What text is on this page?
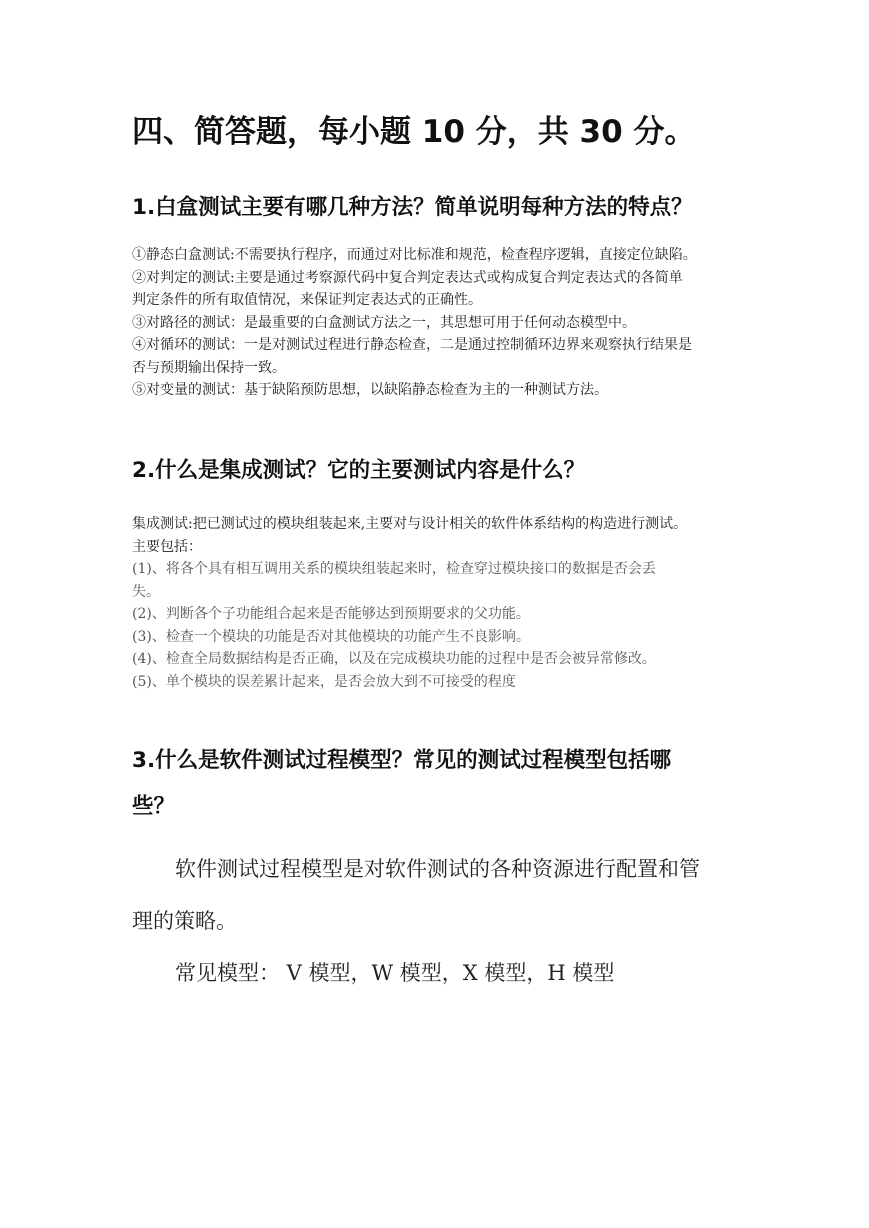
四、简答题，每小题 10 分，共 30 分。
1.白盒测试主要有哪几种方法？简单说明每种方法的特点？
①静态白盒测试:不需要执行程序，而通过对比标准和规范，检查程序逻辑，直接定位缺陷。
②对判定的测试:主要是通过考察源代码中复合判定表达式或构成复合判定表达式的各简单
判定条件的所有取值情况，来保证判定表达式的正确性。
③对路径的测试：是最重要的白盒测试方法之一，其思想可用于任何动态模型中。
④对循环的测试：一是对测试过程进行静态检查，二是通过控制循环边界来观察执行结果是
否与预期输出保持一致。
⑤对变量的测试：基于缺陷预防思想，以缺陷静态检查为主的一种测试方法。
2.什么是集成测试？它的主要测试内容是什么？
集成测试:把已测试过的模块组装起来,主要对与设计相关的软件体系结构的构造进行测试。
主要包括：
(1)、将各个具有相互调用关系的模块组装起来时，检查穿过模块接口的数据是否会丢
失。
(2)、判断各个子功能组合起来是否能够达到预期要求的父功能。
(3)、检查一个模块的功能是否对其他模块的功能产生不良影响。
(4)、检查全局数据结构是否正确，以及在完成模块功能的过程中是否会被异常修改。
(5)、单个模块的误差累计起来，是否会放大到不可接受的程度
3.什么是软件测试过程模型？常见的测试过程模型包括哪
些？
软件测试过程模型是对软件测试的各种资源进行配置和管
理的策略。
常见模型： V 模型，W 模型，X 模型，H 模型
